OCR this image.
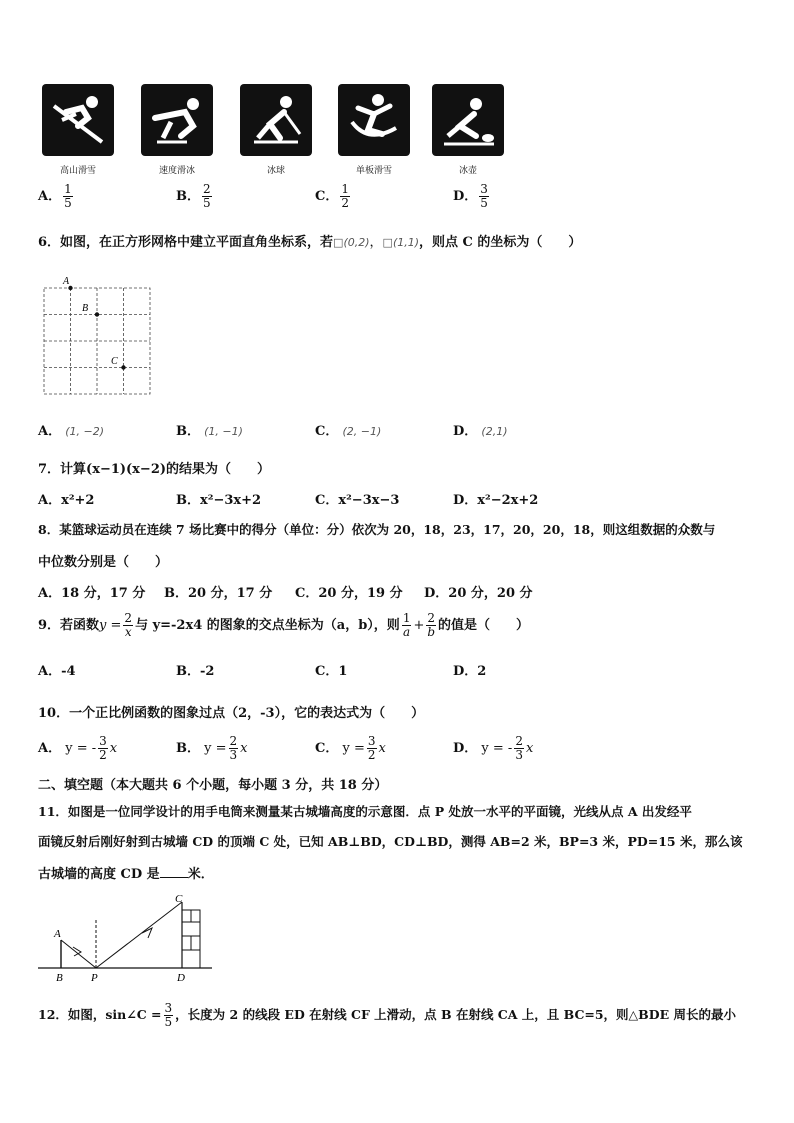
高山滑雪	速度滑冰	冰球	单板滑雪	冰壶
A． $\frac{1}{5}$	B． $\frac{2}{5}$	C． $\frac{1}{2}$	D． $\frac{3}{5}$
6．如图，在正方形网格中建立平面直角坐标系，若□(0,2)，□(1,1)，则点 C 的坐标为（　　）
A
B
C
A． (1, −2)	B． (1, −1)	C． (2, −1)	D． (2,1)
7．计算(x−1)(x−2)的结果为（　　）
A．x²+2	B．x²−3x+2	C．x²−3x−3	D．x²−2x+2
8．某篮球运动员在连续 7 场比赛中的得分（单位：分）依次为 20，18，23，17，20，20，18，则这组数据的众数与
中位数分别是（　　）
A．18 分，17 分 B．20 分，17 分 C．20 分，19 分 D．20 分，20 分
9．若函数$y = \frac{2}{x}$ 与 y=-2x4 的图象的交点坐标为（a，b），则 $\frac{1}{a} + \frac{2}{b}$ 的值是（　　）
A．-4	B．-2	C．1	D．2
10．一个正比例函数的图象过点（2，-3），它的表达式为（　　）
A． y = - $\frac{3}{2}$ x	B． $y = \frac{2}{3}$ x	C． $y = \frac{3}{2}$ x	D． y = - $\frac{2}{3}$ x
二、填空题（本大题共 6 个小题，每小题 3 分，共 18 分）
11．如图是一位同学设计的用手电筒来测量某古城墙高度的示意图．点 P 处放一水平的平面镜，光线从点 A 出发经平
面镜反射后刚好射到古城墙 CD 的顶端 C 处，已知 AB⊥BD，CD⊥BD，测得 AB=2 米，BP=3 米，PD=15 米，那么该
古城墙的高度 CD 是 米．
A
B	P
C
D
12．如图，sin∠C = $\frac{3}{5}$ ，长度为 2 的线段 ED 在射线 CF 上滑动，点 B 在射线 CA 上，且 BC=5，则△BDE 周长的最小
